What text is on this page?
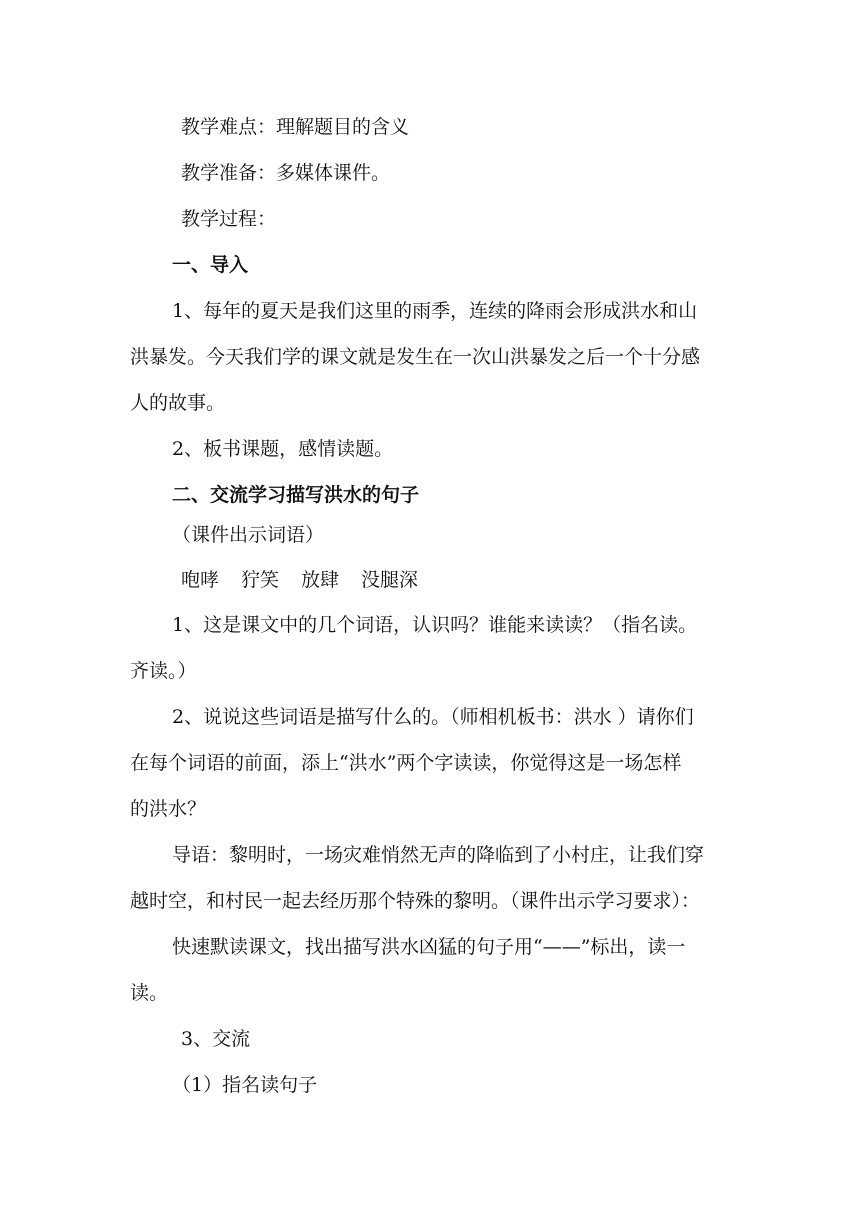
教学难点：理解题目的含义

教学准备：多媒体课件。

教学过程：

一、导入

1、每年的夏天是我们这里的雨季，连续的降雨会形成洪水和山

洪暴发。今天我们学的课文就是发生在一次山洪暴发之后一个十分感

人的故事。

2、板书课题，感情读题。

二、交流学习描写洪水的句子

（课件出示词语）

咆哮 狞笑 放肆 没腿深

1、这是课文中的几个词语，认识吗？谁能来读读？（指名读。

齐读。）

2、说说这些词语是描写什么的。（师相机板书：洪水 ）请你们

在每个词语的前面，添上“洪水”两个字读读，你觉得这是一场怎样

的洪水？

导语：黎明时，一场灾难悄然无声的降临到了小村庄，让我们穿

越时空，和村民一起去经历那个特殊的黎明。（课件出示学习要求）：

快速默读课文，找出描写洪水凶猛的句子用“——”标出，读一

读。

3、交流

（1）指名读句子
